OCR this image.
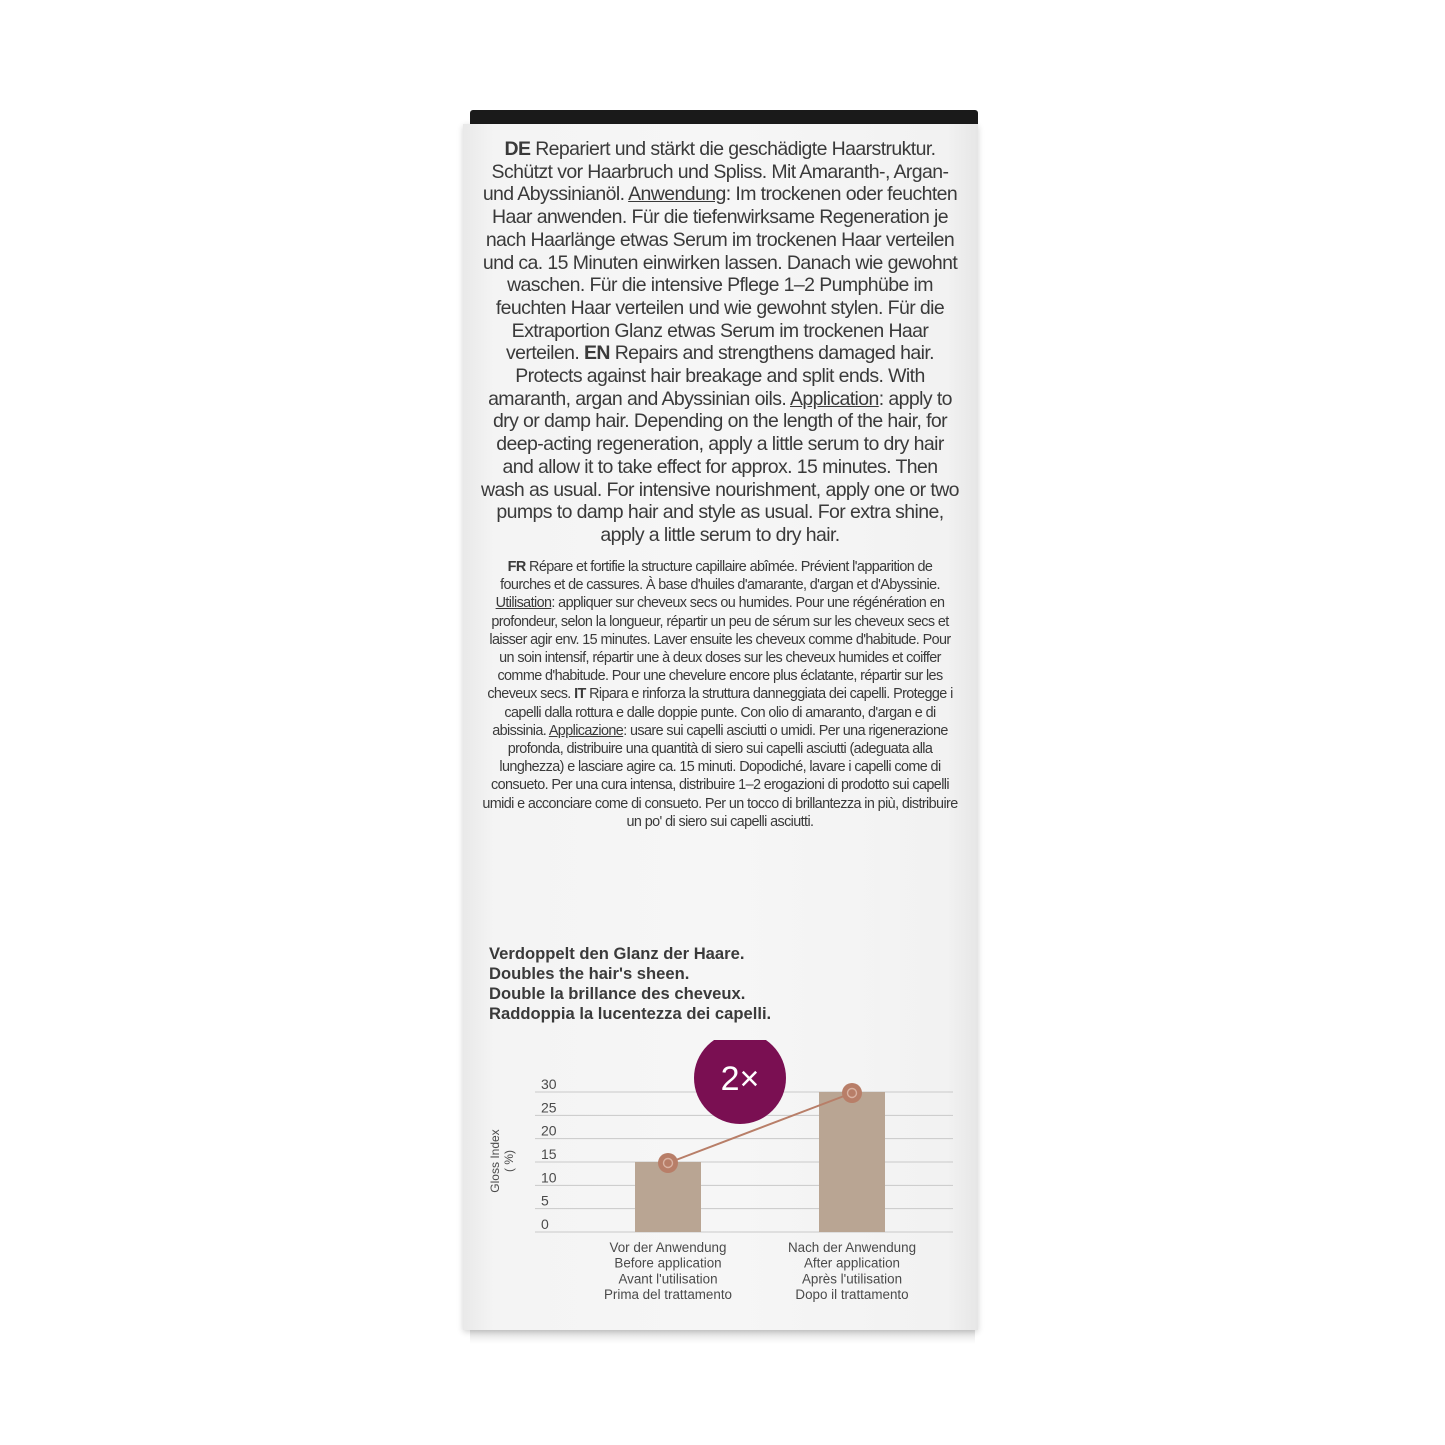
DE Repariert und stärkt die geschädigte Haarstruktur. Schützt vor Haarbruch und Spliss. Mit Amaranth-, Argan- und Abyssinianöl. Anwendung: Im trockenen oder feuchten Haar anwenden. Für die tiefenwirksame Regeneration je nach Haarlänge etwas Serum im trockenen Haar verteilen und ca. 15 Minuten einwirken lassen. Danach wie gewohnt waschen. Für die intensive Pflege 1–2 Pumphübe im feuchten Haar verteilen und wie gewohnt stylen. Für die Extraportion Glanz etwas Serum im trockenen Haar verteilen. EN Repairs and strengthens damaged hair. Protects against hair breakage and split ends. With amaranth, argan and Abyssinian oils. Application: apply to dry or damp hair. Depending on the length of the hair, for deep-acting regeneration, apply a little serum to dry hair and allow it to take effect for approx. 15 minutes. Then wash as usual. For intensive nourishment, apply one or two pumps to damp hair and style as usual. For extra shine, apply a little serum to dry hair.
FR Répare et fortifie la structure capillaire abîmée. Prévient l'apparition de fourches et de cassures. À base d'huiles d'amarante, d'argan et d'Abyssinie. Utilisation: appliquer sur cheveux secs ou humides. Pour une régénération en profondeur, selon la longueur, répartir un peu de sérum sur les cheveux secs et laisser agir env. 15 minutes. Laver ensuite les cheveux comme d'habitude. Pour un soin intensif, répartir une à deux doses sur les cheveux humides et coiffer comme d'habitude. Pour une chevelure encore plus éclatante, répartir sur les cheveux secs. IT Ripara e rinforza la struttura danneggiata dei capelli. Protegge i capelli dalla rottura e dalle doppie punte. Con olio di amaranto, d'argan e di abissinia. Applicazione: usare sui capelli asciutti o umidi. Per una rigenerazione profonda, distribuire una quantità di siero sui capelli asciutti (adeguata alla lunghezza) e lasciare agire ca. 15 minuti. Dopodiché, lavare i capelli come di consueto. Per una cura intensa, distribuire 1–2 erogazioni di prodotto sui capelli umidi e acconciare come di consueto. Per un tocco di brillantezza in più, distribuire un po' di siero sui capelli asciutti.
Verdoppelt den Glanz der Haare.
Doubles the hair's sheen.
Double la brillance des cheveux.
Raddoppia la lucentezza dei capelli.
0
5
10
15
20
25
30
Gloss Index( %)
2×
Vor der Anwendung
Before application
Avant l'utilisation
Prima del trattamento
Nach der Anwendung
After application
Après l'utilisation
Dopo il trattamento
